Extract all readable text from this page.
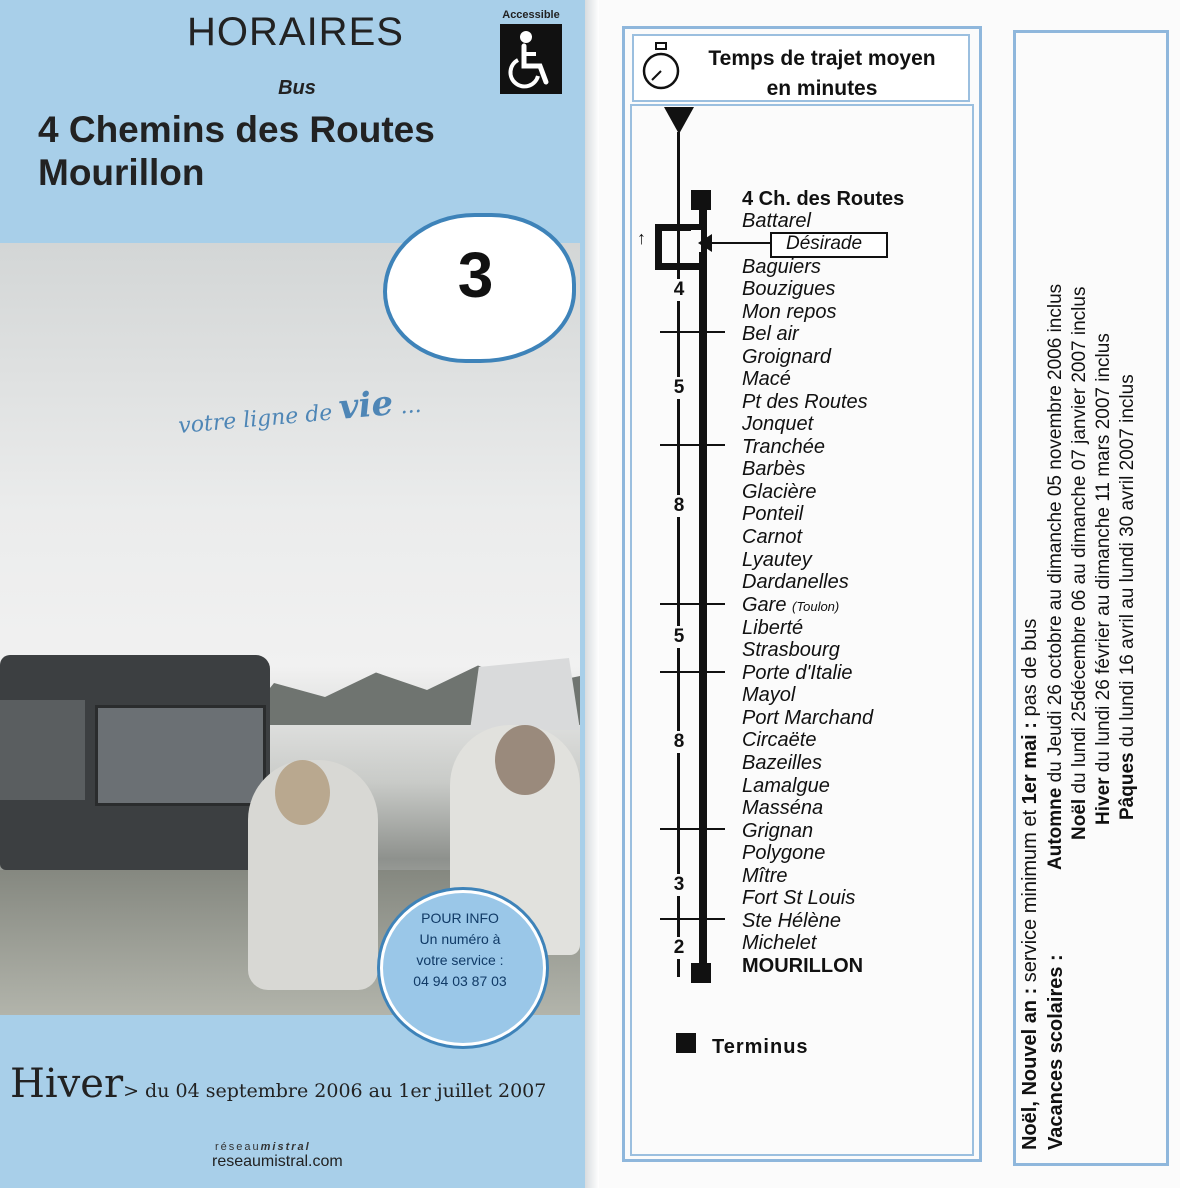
HORAIRES	Accessible
Bus
4 Chemins des Routes
Mourillon
3
votre ligne de vie ...
POUR INFO
Un numéro à
votre service :
04 94 03 87 03
Hiver> du 04 septembre 2006 au 1er juillet 2007
réseaumistral
reseaumistral.com
Temps de trajet moyen
en minutes
↑	Désirade
4
5
8
5
8
3
2
4 Ch. des Routes
Battarel
Baguiers
Bouzigues
Mon repos
Bel air
Groignard
Macé
Pt des Routes
Jonquet
Tranchée
Barbès
Glacière
Ponteil
Carnot
Lyautey
Dardanelles
Gare (Toulon)
Liberté
Strasbourg
Porte d'Italie
Mayol
Port Marchand
Circaëte
Bazeilles
Lamalgue
Masséna
Grignan
Polygone
Mître
Fort St Louis
Ste Hélène
Michelet
MOURILLON
Terminus	Noël, Nouvel an : service minimum et 1er mai : pas de bus
Vacances scolaires :
Automne du Jeudi 26 octobre au dimanche 05 novembre 2006 inclus
Noël du lundi 25décembre 06 au dimanche 07 janvier 2007 inclus
Hiver du lundi 26 février au dimanche 11 mars 2007 inclus
Pâques du lundi 16 avril au lundi 30 avril 2007 inclus
